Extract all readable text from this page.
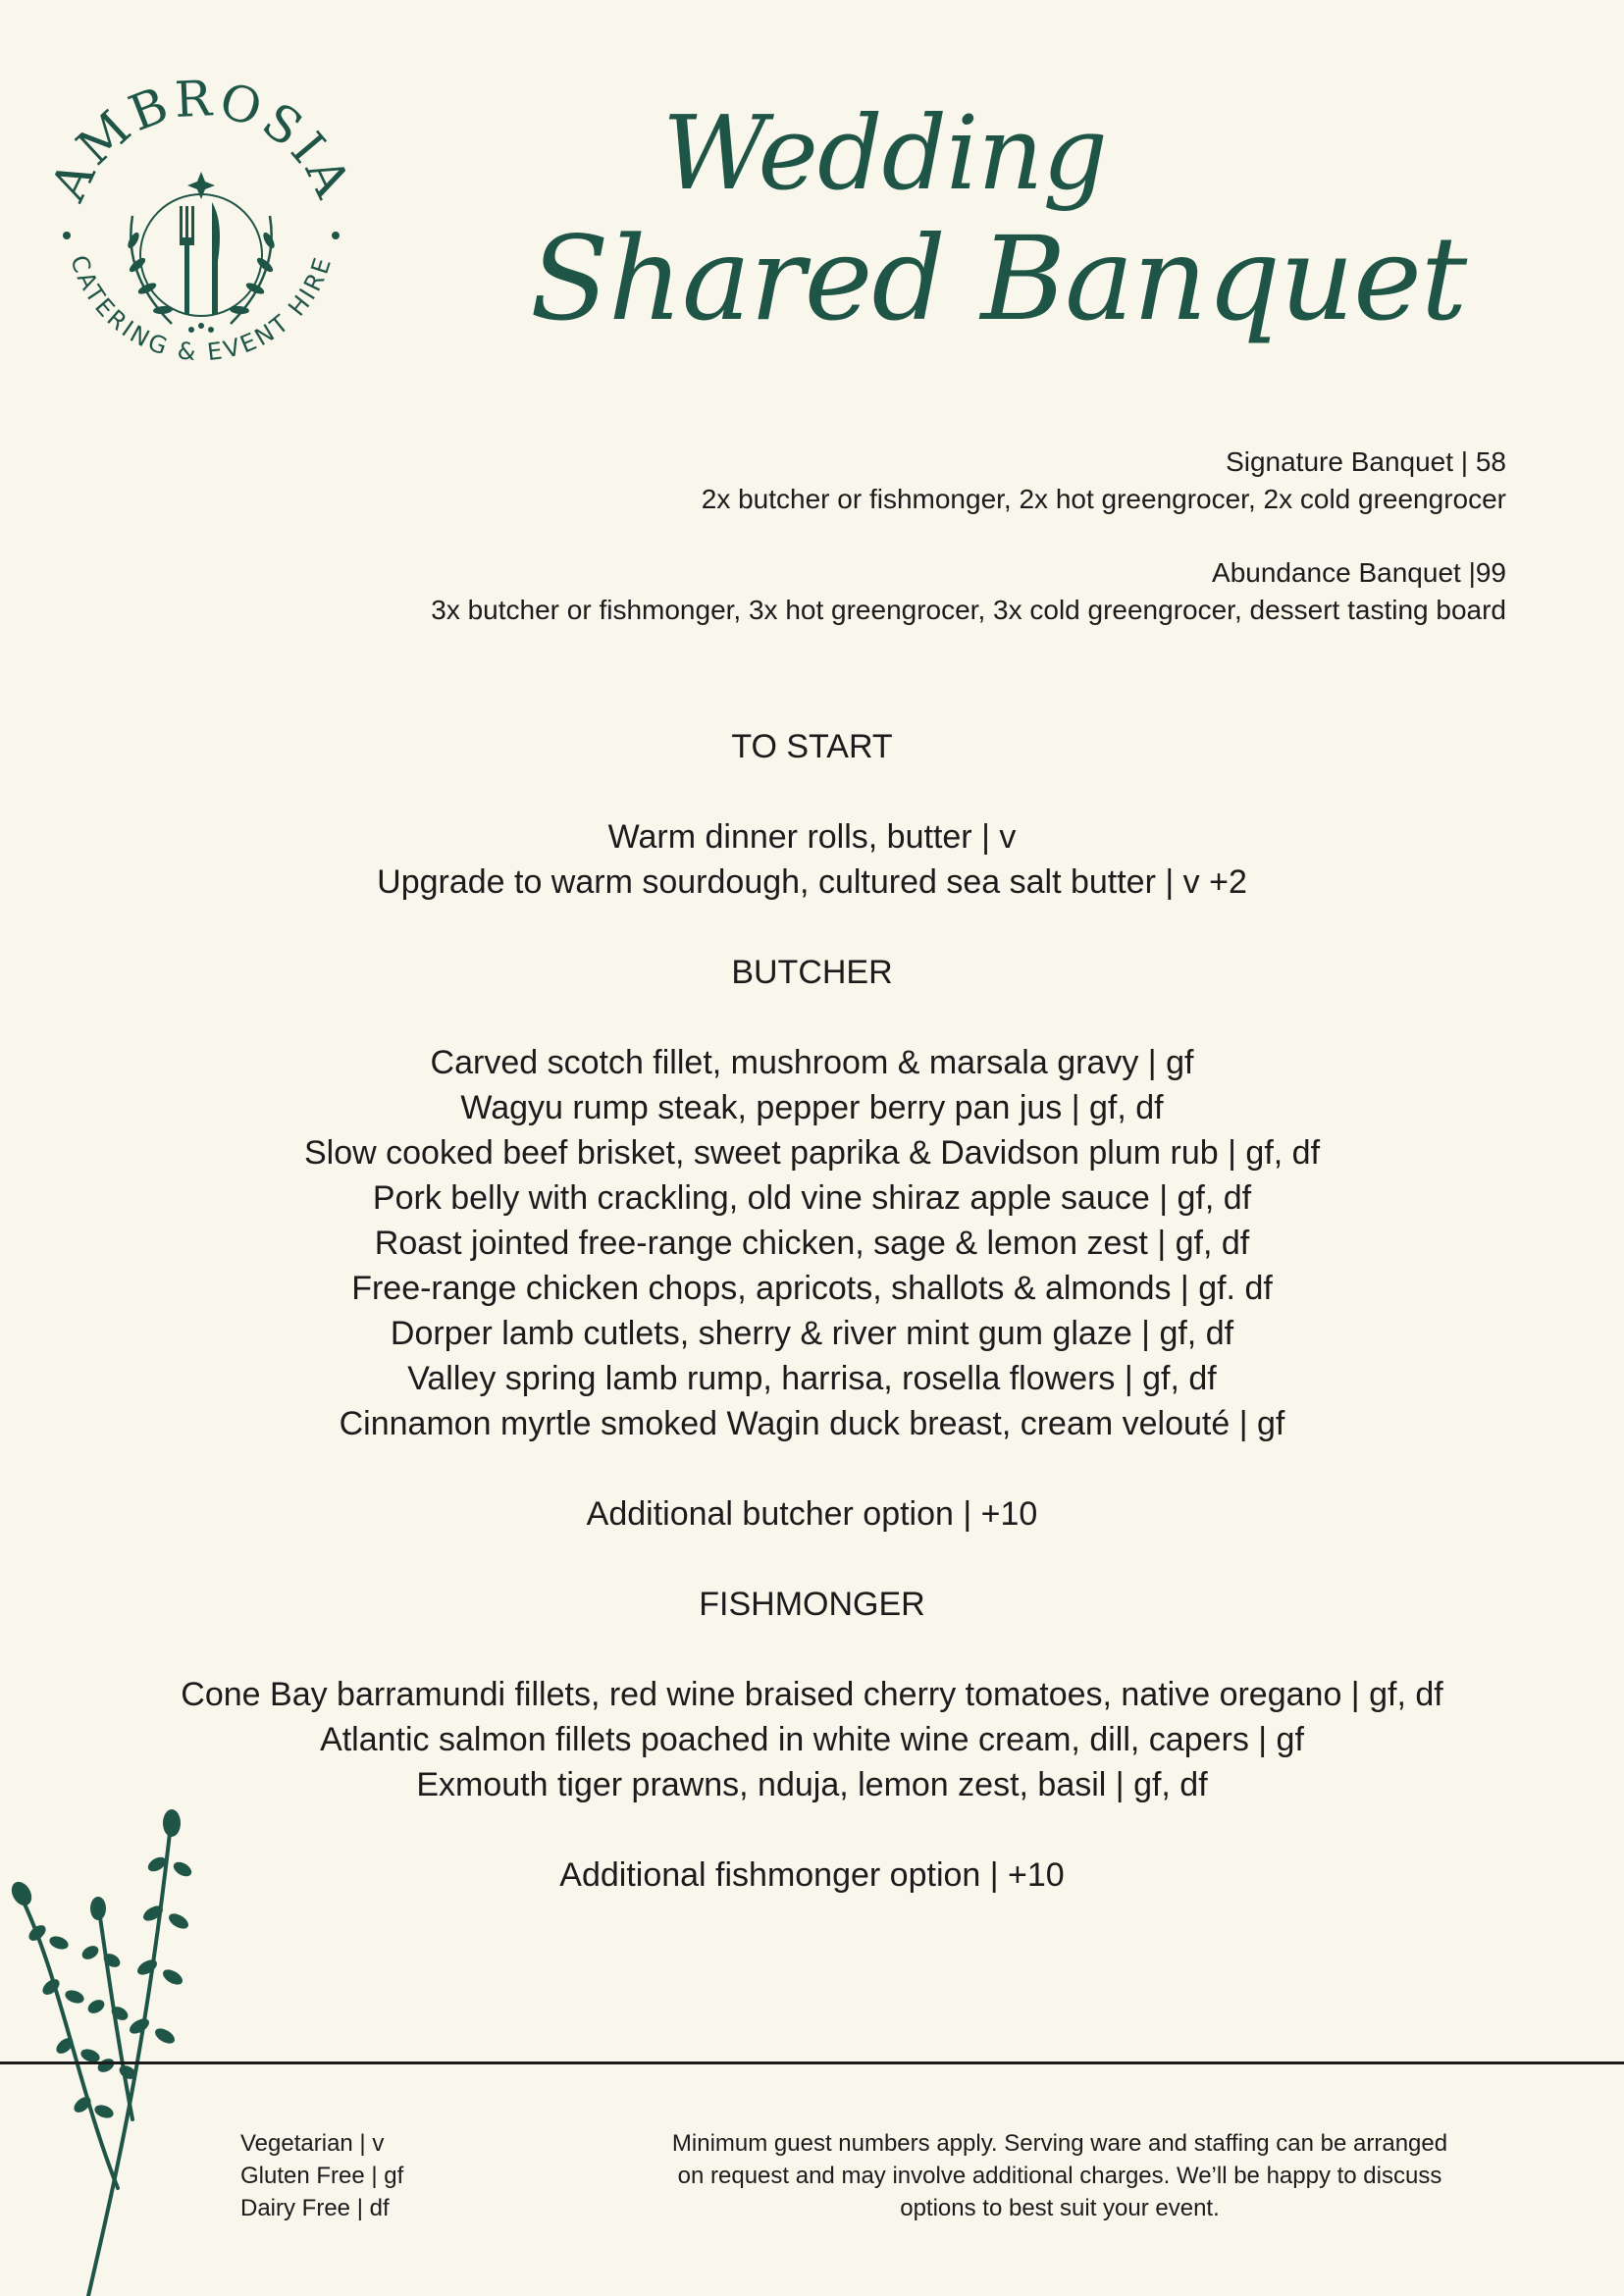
AMBROSIA
CATERING & EVENT HIRE
Wedding
Shared Banquet

Signature Banquet | 58

2x butcher or fishmonger, 2x hot greengrocer, 2x cold greengrocer

Abundance Banquet |99

3x butcher or fishmonger, 3x hot greengrocer, 3x cold greengrocer, dessert tasting board

TO START

Warm dinner rolls, butter | v

Upgrade to warm sourdough, cultured sea salt butter | v +2

BUTCHER

Carved scotch fillet, mushroom & marsala gravy | gf

Wagyu rump steak, pepper berry pan jus | gf, df

Slow cooked beef brisket, sweet paprika & Davidson plum rub | gf, df

Pork belly with crackling, old vine shiraz apple sauce | gf, df

Roast jointed free-range chicken, sage & lemon zest | gf, df

Free-range chicken chops, apricots, shallots & almonds | gf. df

Dorper lamb cutlets, sherry & river mint gum glaze | gf, df

Valley spring lamb rump, harrisa, rosella flowers | gf, df

Cinnamon myrtle smoked Wagin duck breast, cream velouté | gf

Additional butcher option | +10

FISHMONGER

Cone Bay barramundi fillets, red wine braised cherry tomatoes, native oregano | gf, df

Atlantic salmon fillets poached in white wine cream, dill, capers | gf

Exmouth tiger prawns, nduja, lemon zest, basil | gf, df

Additional fishmonger option | +10

Vegetarian | v
Gluten Free | gf
Dairy Free | df

Minimum guest numbers apply. Serving ware and staffing can be arranged

on request and may involve additional charges. We’ll be happy to discuss

options to best suit your event.
